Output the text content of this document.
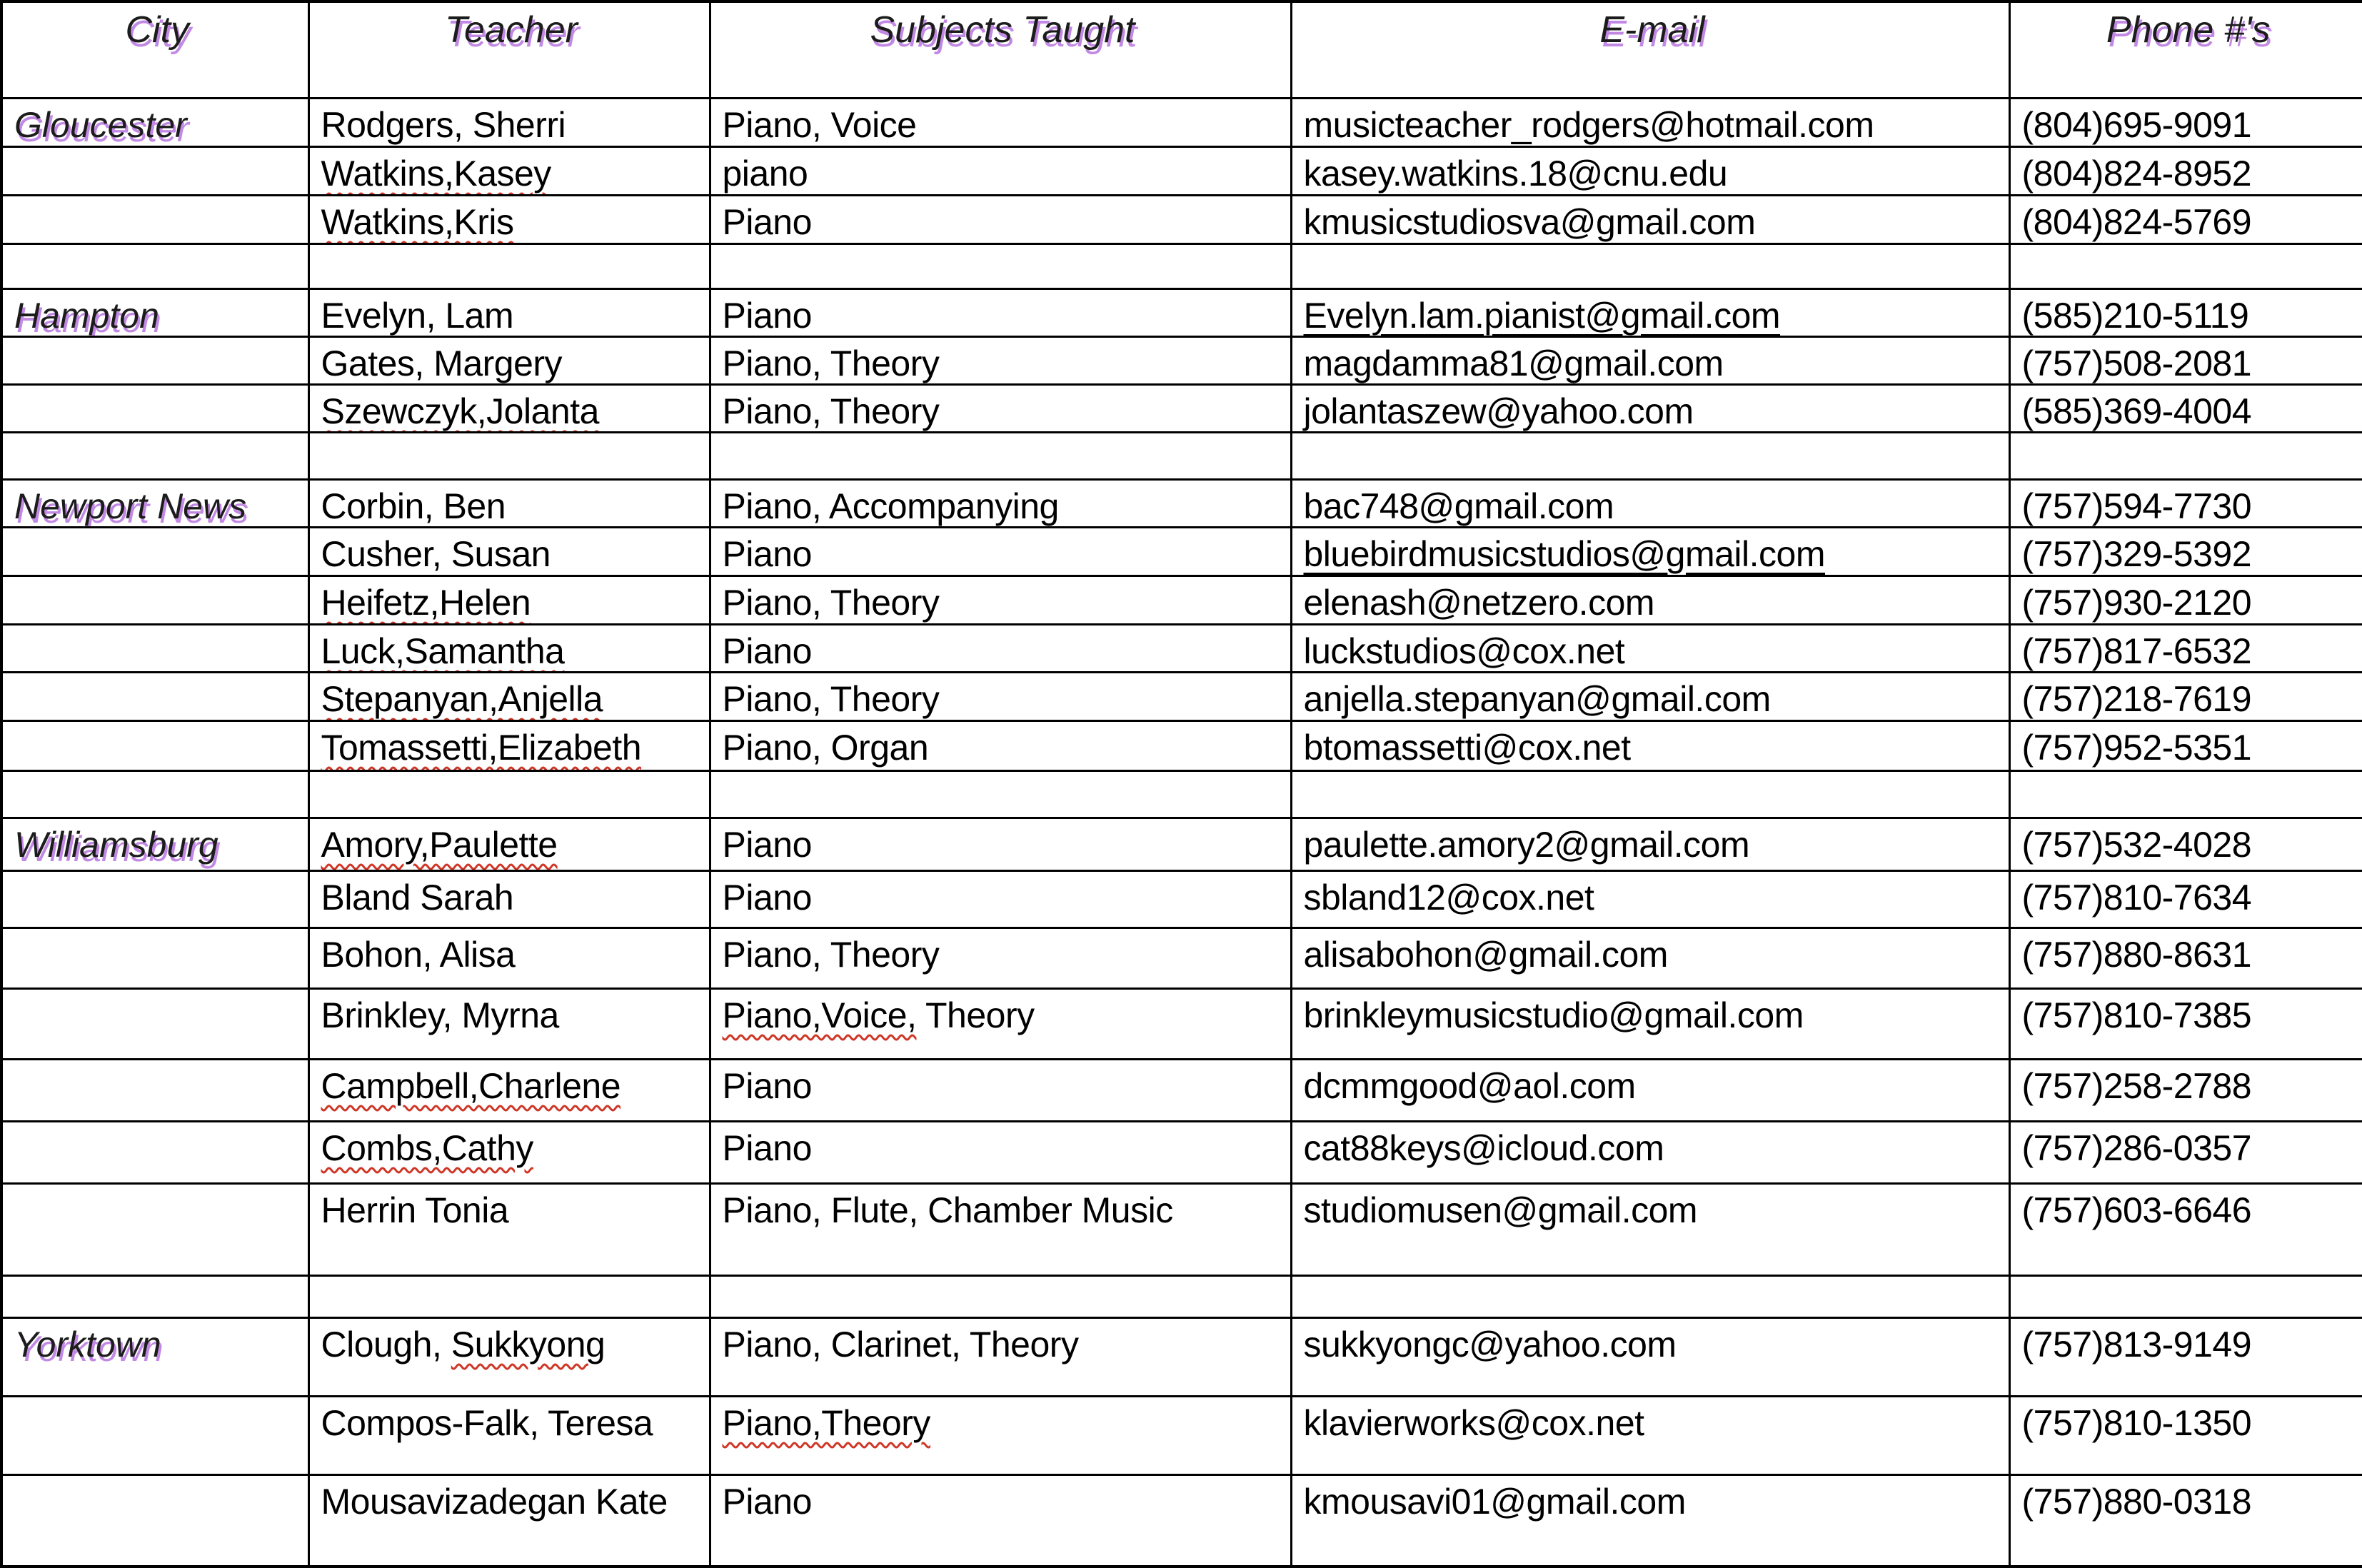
City	Teacher	Subjects Taught	E-mail	Phone #'s
Gloucester	Rodgers, Sherri	Piano, Voice	musicteacher_rodgers@hotmail.com	(804)695-9091
	Watkins,Kasey	piano	kasey.watkins.18@cnu.edu	(804)824-8952
	Watkins,Kris	Piano	kmusicstudiosva@gmail.com	(804)824-5769

Hampton	Evelyn, Lam	Piano	Evelyn.lam.pianist@gmail.com	(585)210-5119
	Gates, Margery	Piano, Theory	magdamma81@gmail.com	(757)508-2081
	Szewczyk,Jolanta	Piano, Theory	jolantaszew@yahoo.com	(585)369-4004

Newport News	Corbin, Ben	Piano, Accompanying	bac748@gmail.com	(757)594-7730
	Cusher, Susan	Piano	bluebirdmusicstudios@gmail.com	(757)329-5392
	Heifetz,Helen	Piano, Theory	elenash@netzero.com	(757)930-2120
	Luck,Samantha	Piano	luckstudios@cox.net	(757)817-6532
	Stepanyan,Anjella	Piano, Theory	anjella.stepanyan@gmail.com	(757)218-7619
	Tomassetti,Elizabeth	Piano, Organ	btomassetti@cox.net	(757)952-5351

Williamsburg	Amory,Paulette	Piano	paulette.amory2@gmail.com	(757)532-4028
	Bland Sarah	Piano	sbland12@cox.net	(757)810-7634
	Bohon, Alisa	Piano, Theory	alisabohon@gmail.com	(757)880-8631
	Brinkley, Myrna	Piano,Voice, Theory	brinkleymusicstudio@gmail.com	(757)810-7385
	Campbell,Charlene	Piano	dcmmgood@aol.com	(757)258-2788
	Combs,Cathy	Piano	cat88keys@icloud.com	(757)286-0357
	Herrin Tonia	Piano, Flute, Chamber Music	studiomusen@gmail.com	(757)603-6646

Yorktown	Clough, Sukkyong	Piano, Clarinet, Theory	sukkyongc@yahoo.com	(757)813-9149
	Compos-Falk, Teresa	Piano,Theory	klavierworks@cox.net	(757)810-1350
	Mousavizadegan Kate	Piano	kmousavi01@gmail.com	(757)880-0318
